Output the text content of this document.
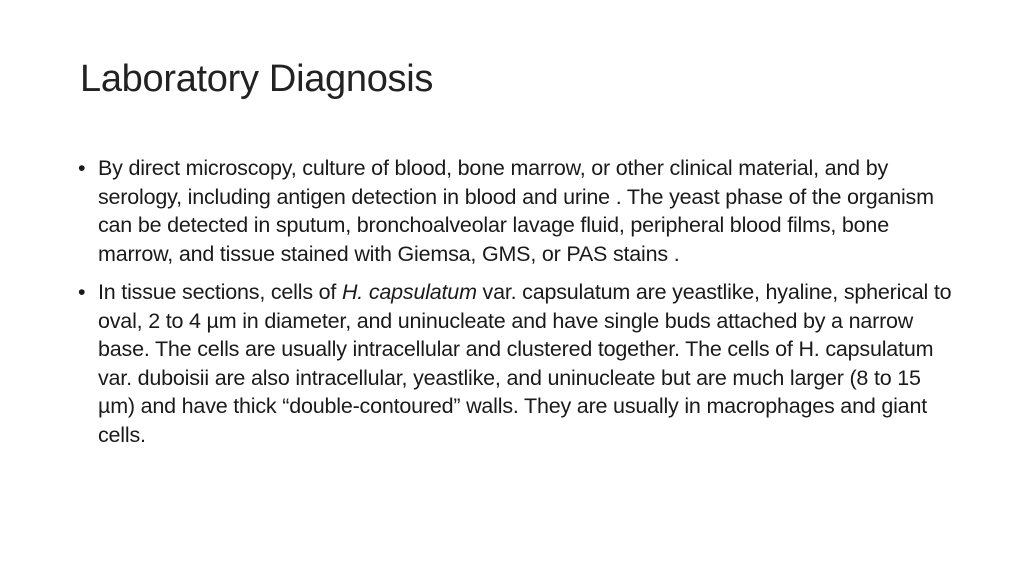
Laboratory Diagnosis
• By direct microscopy, culture of blood, bone marrow, or other clinical material, and by serology, including antigen detection in blood and urine . The yeast phase of the organism can be detected in sputum, bronchoalveolar lavage fluid, peripheral blood films, bone marrow, and tissue stained with Giemsa, GMS, or PAS stains .
• In tissue sections, cells of H. capsulatum var. capsulatum are yeastlike, hyaline, spherical to oval, 2 to 4 µm in diameter, and uninucleate and have single buds attached by a narrow base. The cells are usually intracellular and clustered together. The cells of H. capsulatum var. duboisii are also intracellular, yeastlike, and uninucleate but are much larger (8 to 15 µm) and have thick “double-contoured” walls. They are usually in macrophages and giant cells.
